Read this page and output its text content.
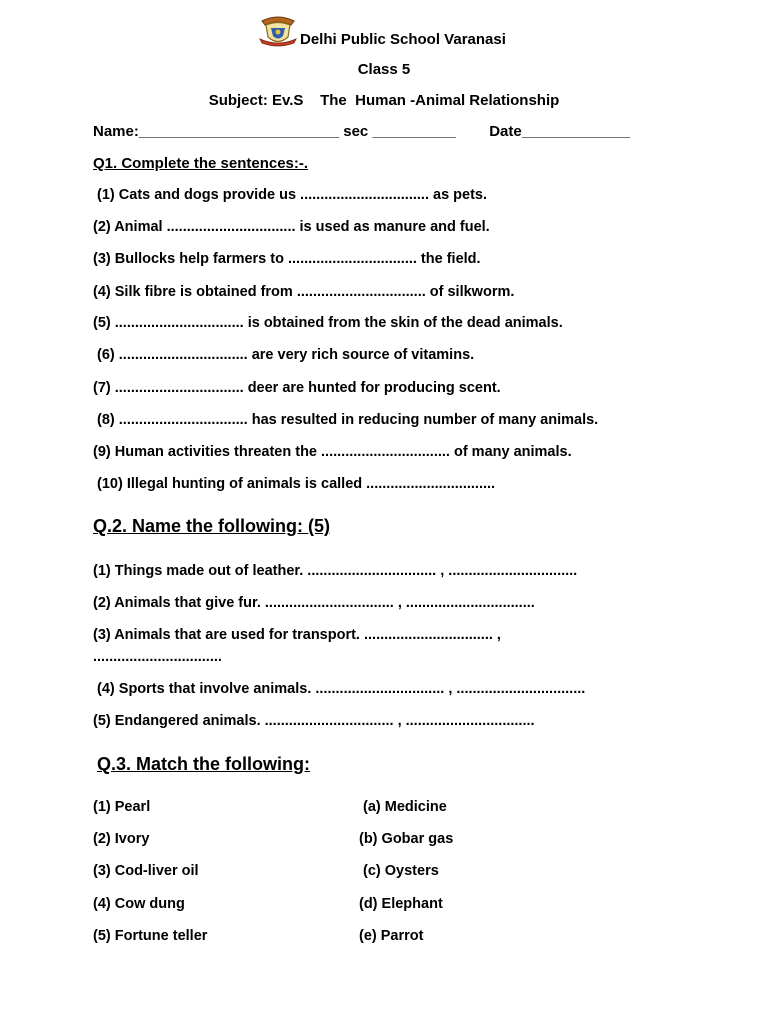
Delhi Public School Varanasi
Class 5
Subject: Ev.S    The  Human -Animal Relationship
Name:________________________ sec __________        Date_____________
Q1. Complete the sentences:-.
(1) Cats and dogs provide us ................................ as pets.
(2) Animal ................................ is used as manure and fuel.
(3) Bullocks help farmers to ................................ the field.
(4) Silk fibre is obtained from ................................ of silkworm.
(5) ................................ is obtained from the skin of the dead animals.
(6) ................................ are very rich source of vitamins.
(7) ................................ deer are hunted for producing scent.
(8) ................................ has resulted in reducing number of many animals.
(9) Human activities threaten the ................................ of many animals.
(10) Illegal hunting of animals is called ................................
Q.2. Name the following: (5)
(1) Things made out of leather. ................................ , ................................
(2) Animals that give fur. ................................ , ................................
(3) Animals that are used for transport. ................................ ,
................................
(4) Sports that involve animals. ................................ , ................................
(5) Endangered animals. ................................ , ................................
Q.3. Match the following:
(1) Pearl
(2) Ivory
(3) Cod-liver oil
(4) Cow dung
(5) Fortune teller
(a) Medicine
(b) Gobar gas
(c) Oysters
(d) Elephant
(e) Parrot
